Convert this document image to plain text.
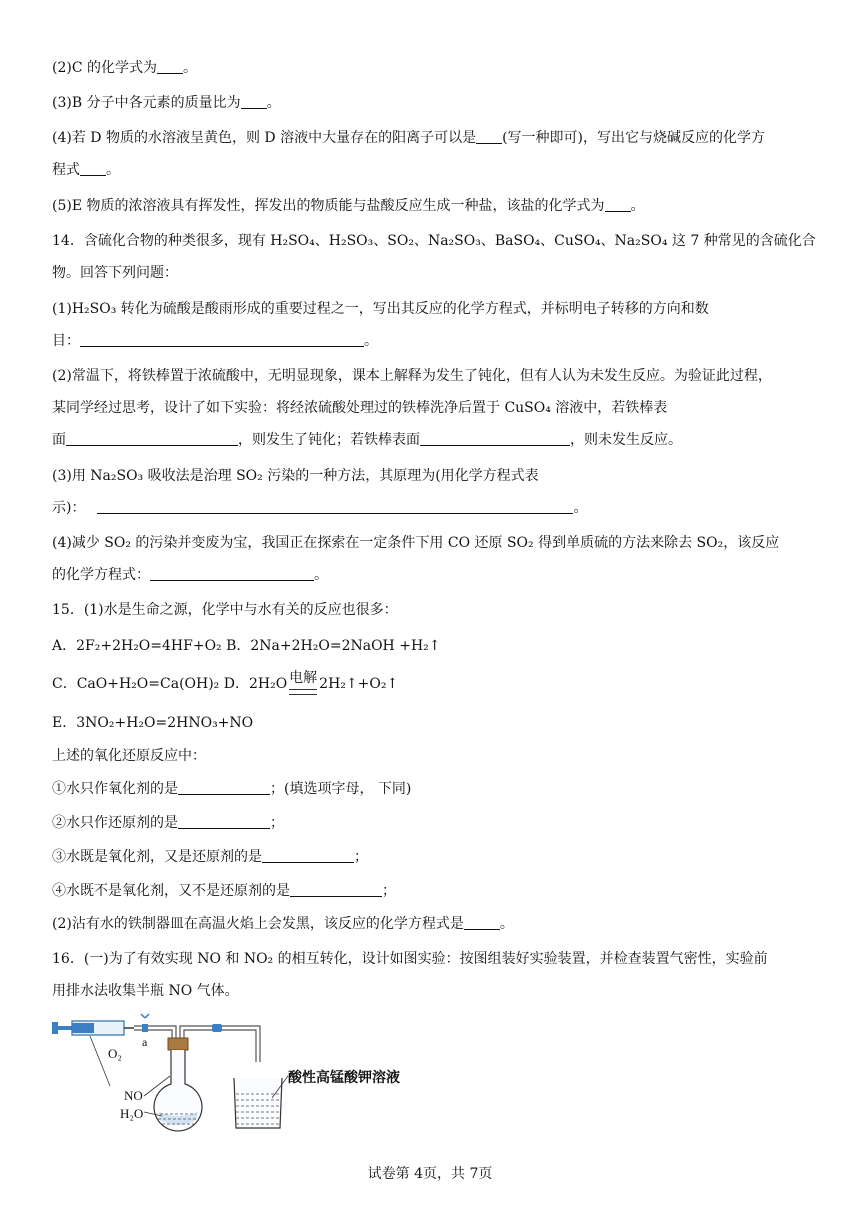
(2)C 的化学式为 。
(3)B 分子中各元素的质量比为 。
(4)若 D 物质的水溶液呈黄色，则 D 溶液中大量存在的阳离子可以是 (写一种即可)，写出它与烧碱反应的化学方
程式 。
(5)E 物质的浓溶液具有挥发性，挥发出的物质能与盐酸反应生成一种盐，该盐的化学式为 。
14．含硫化合物的种类很多，现有 H₂SO₄、H₂SO₃、SO₂、Na₂SO₃、BaSO₄、CuSO₄、Na₂SO₄ 这 7 种常见的含硫化合
物。回答下列问题：
(1)H₂SO₃ 转化为硫酸是酸雨形成的重要过程之一，写出其反应的化学方程式，并标明电子转移的方向和数
目：	。
(2)常温下，将铁棒置于浓硫酸中，无明显现象，课本上解释为发生了钝化，但有人认为未发生反应。为验证此过程，
某同学经过思考，设计了如下实验：将经浓硫酸处理过的铁棒洗净后置于 CuSO₄ 溶液中，若铁棒表
面	，则发生了钝化；若铁棒表面	，则未发生反应。
(3)用 Na₂SO₃ 吸收法是治理 SO₂ 污染的一种方法，其原理为(用化学方程式表
示)：	。
(4)减少 SO₂ 的污染并变废为宝，我国正在探索在一定条件下用 CO 还原 SO₂ 得到单质硫的方法来除去 SO₂，该反应
的化学方程式：	。
15．(1)水是生命之源，化学中与水有关的反应也很多：
A．2F₂+2H₂O=4HF+O₂ B．2Na+2H₂O=2NaOH +H₂↑
C．CaO+H₂O=Ca(OH)₂ D．2H₂O 电解 2H₂↑+O₂↑
E．3NO₂+H₂O=2HNO₃+NO
上述的氧化还原反应中：
①水只作氧化剂的是	；(填选项字母， 下同)
②水只作还原剂的是	；
③水既是氧化剂，又是还原剂的是	；
④水既不是氧化剂，又不是还原剂的是	；
(2)沾有水的铁制器皿在高温火焰上会发黑，该反应的化学方程式是	。
16．(一)为了有效实现 NO 和 NO₂ 的相互转化，设计如图实验：按图组装好实验装置，并检查装置气密性，实验前
用排水法收集半瓶 NO 气体。
O₂
a
NO
H₂O
酸性高锰酸钾溶液
试卷第 4页，共 7页
